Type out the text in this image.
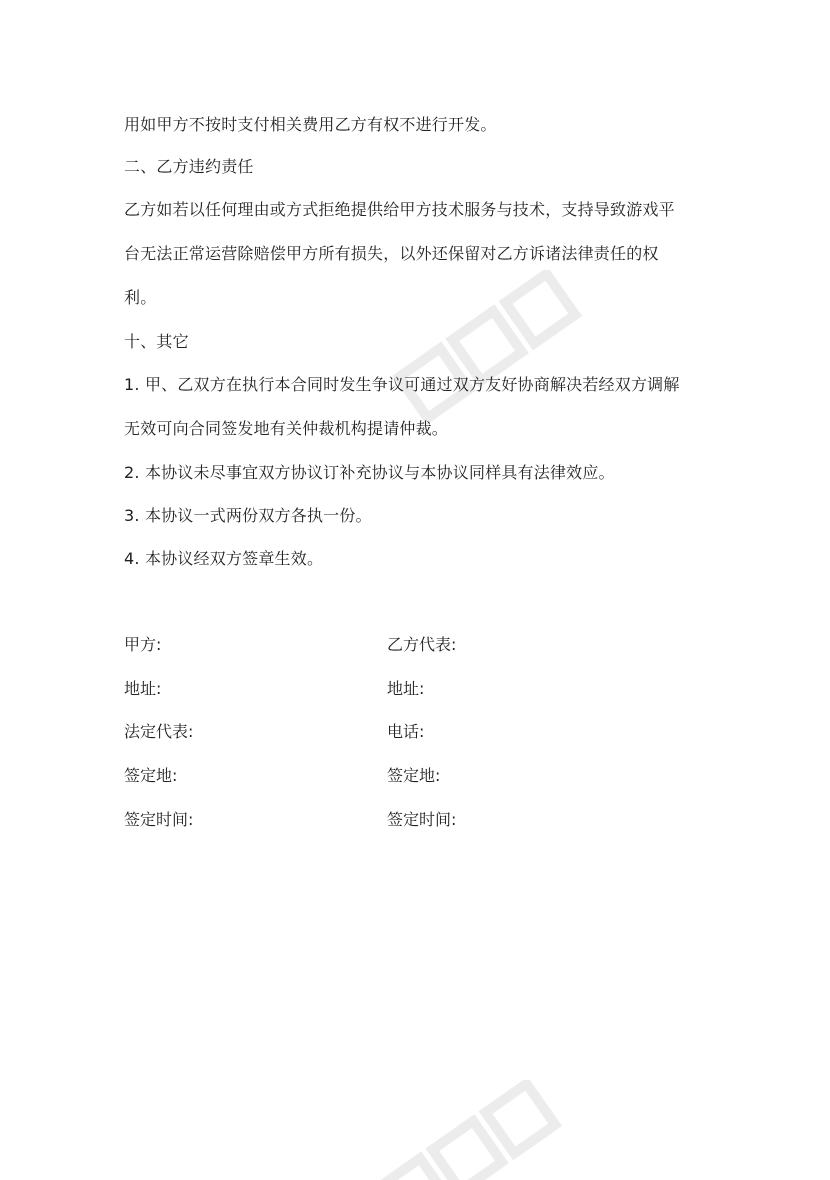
用如甲方不按时支付相关费用乙方有权不进行开发。
二、乙方违约责任
乙方如若以任何理由或方式拒绝提供给甲方技术服务与技术，支持导致游戏平
台无法正常运营除赔偿甲方所有损失，以外还保留对乙方诉诸法律责任的权
利。
十、其它
1. 甲、乙双方在执行本合同时发生争议可通过双方友好协商解决若经双方调解
无效可向合同签发地有关仲裁机构提请仲裁。
2. 本协议未尽事宜双方协议订补充协议与本协议同样具有法律效应。
3. 本协议一式两份双方各执一份。
4. 本协议经双方签章生效。
甲方:
地址:
法定代表:
签定地:
签定时间:
乙方代表:
地址:
电话:
签定地:
签定时间:
